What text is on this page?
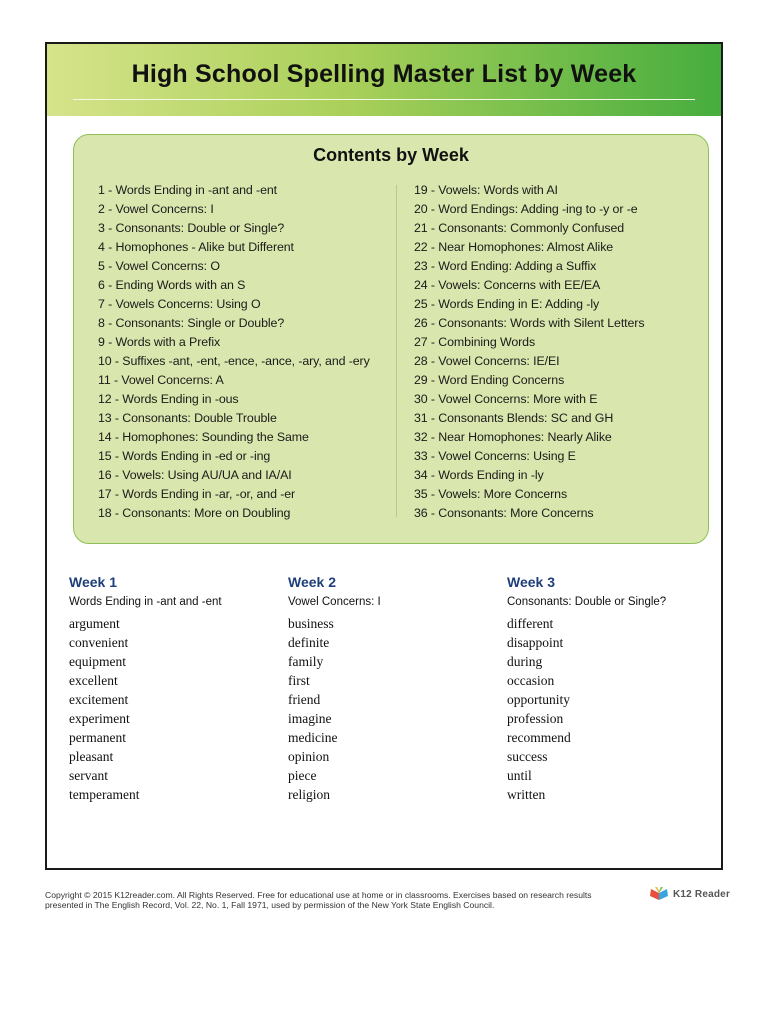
High School Spelling Master List by Week
Contents by Week
1 - Words Ending in -ant and -ent
2 - Vowel Concerns: I
3 - Consonants: Double or Single?
4 - Homophones - Alike but Different
5 - Vowel Concerns: O
6 - Ending Words with an S
7 - Vowels Concerns: Using O
8 - Consonants: Single or Double?
9 - Words with a Prefix
10 - Suffixes -ant, -ent, -ence, -ance, -ary, and -ery
11 - Vowel Concerns: A
12 - Words Ending in -ous
13 - Consonants: Double Trouble
14 - Homophones: Sounding the Same
15 - Words Ending in -ed or -ing
16 - Vowels: Using AU/UA and IA/AI
17 - Words Ending in -ar, -or, and -er
18 - Consonants: More on Doubling
19 - Vowels: Words with AI
20 - Word Endings: Adding -ing to -y or -e
21 - Consonants: Commonly Confused
22 - Near Homophones: Almost Alike
23 - Word Ending: Adding a Suffix
24 - Vowels: Concerns with EE/EA
25 - Words Ending in E: Adding -ly
26 - Consonants: Words with Silent Letters
27 - Combining Words
28 - Vowel Concerns: IE/EI
29 - Word Ending Concerns
30 - Vowel Concerns: More with E
31 - Consonants Blends: SC and GH
32 - Near Homophones: Nearly Alike
33 - Vowel Concerns: Using E
34 - Words Ending in -ly
35 - Vowels: More Concerns
36 - Consonants: More Concerns
Week 1
Words Ending in -ant and -ent
argument
convenient
equipment
excellent
excitement
experiment
permanent
pleasant
servant
temperament
Week 2
Vowel Concerns: I
business
definite
family
first
friend
imagine
medicine
opinion
piece
religion
Week 3
Consonants: Double or Single?
different
disappoint
during
occasion
opportunity
profession
recommend
success
until
written
Copyright © 2015 K12reader.com. All Rights Reserved. Free for educational use at home or in classrooms. Exercises based on research results presented in The English Record, Vol. 22, No. 1, Fall 1971, used by permission of the New York State English Council.
K12 Reader
